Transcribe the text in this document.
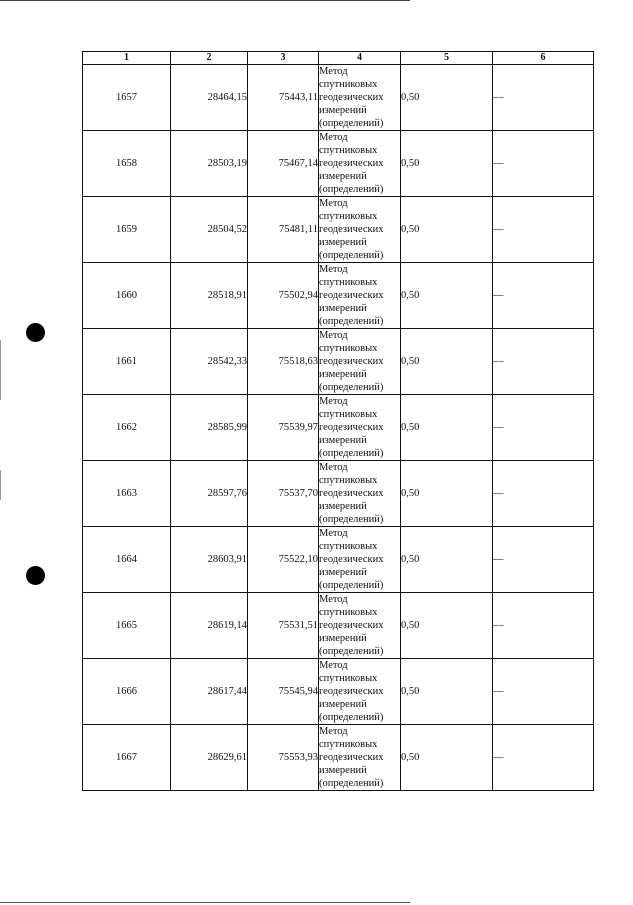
1	2	3	4	5	6
1657	28464,15	75443,11	Метод
спутниковых
геодезических
измерений
(определений)	0,50	—
1658	28503,19	75467,14	Метод
спутниковых
геодезических
измерений
(определений)	0,50	—
1659	28504,52	75481,11	Метод
спутниковых
геодезических
измерений
(определений)	0,50	—
1660	28518,91	75502,94	Метод
спутниковых
геодезических
измерений
(определений)	0,50	—
1661	28542,33	75518,63	Метод
спутниковых
геодезических
измерений
(определений)	0,50	—
1662	28585,99	75539,97	Метод
спутниковых
геодезических
измерений
(определений)	0,50	—
1663	28597,76	75537,70	Метод
спутниковых
геодезических
измерений
(определений)	0,50	—
1664	28603,91	75522,10	Метод
спутниковых
геодезических
измерений
(определений)	0,50	—
1665	28619,14	75531,51	Метод
спутниковых
геодезических
измерений
(определений)	0,50	—
1666	28617,44	75545,94	Метод
спутниковых
геодезических
измерений
(определений)	0,50	—
1667	28629,61	75553,93	Метод
спутниковых
геодезических
измерений
(определений)	0,50	—
